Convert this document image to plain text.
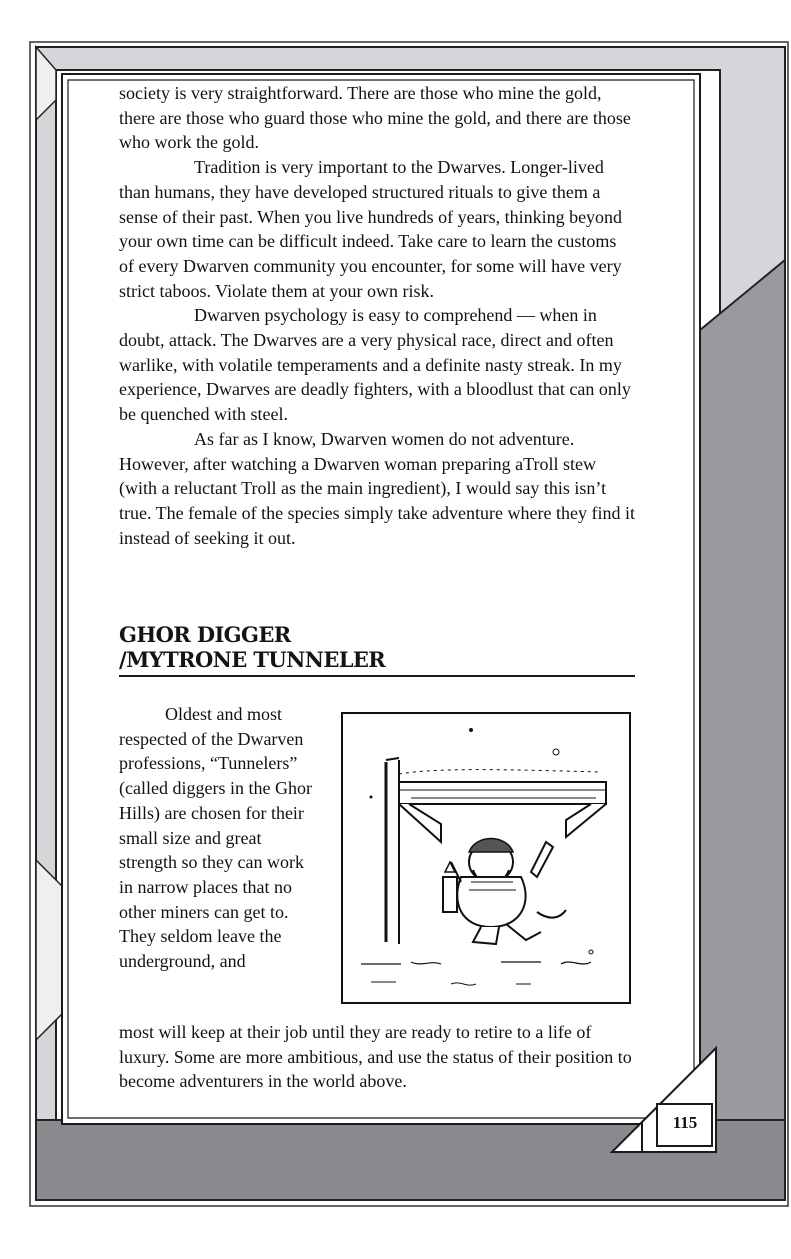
society is very straightforward. There are those who mine the gold, there are those who guard those who mine the gold, and there are those who work the gold.

Tradition is very important to the Dwarves. Longer-lived than humans, they have developed structured rituals to give them a sense of their past. When you live hundreds of years, thinking beyond your own time can be difficult indeed. Take care to learn the customs of every Dwarven community you encounter, for some will have very strict taboos. Violate them at your own risk.

Dwarven psychology is easy to comprehend — when in doubt, attack. The Dwarves are a very physical race, direct and often warlike, with volatile temperaments and a definite nasty streak. In my experience, Dwarves are deadly fighters, with a bloodlust that can only be quenched with steel.

As far as I know, Dwarven women do not adventure. However, after watching a Dwarven woman preparing aTroll stew (with a reluctant Troll as the main ingredient), I would say this isn’t true. The female of the species simply take adventure where they find it instead of seeking it out.

GHOR DIGGER
/MYTRONE TUNNELER

Oldest and most respected of the Dwarven professions, “Tunnelers” (called diggers in the Ghor Hills) are chosen for their small size and great strength so they can work in narrow places that no other miners can get to. They seldom leave the underground, and

most will keep at their job until they are ready to retire to a life of luxury. Some are more ambitious, and use the status of their position to become adventurers in the world above.

115
